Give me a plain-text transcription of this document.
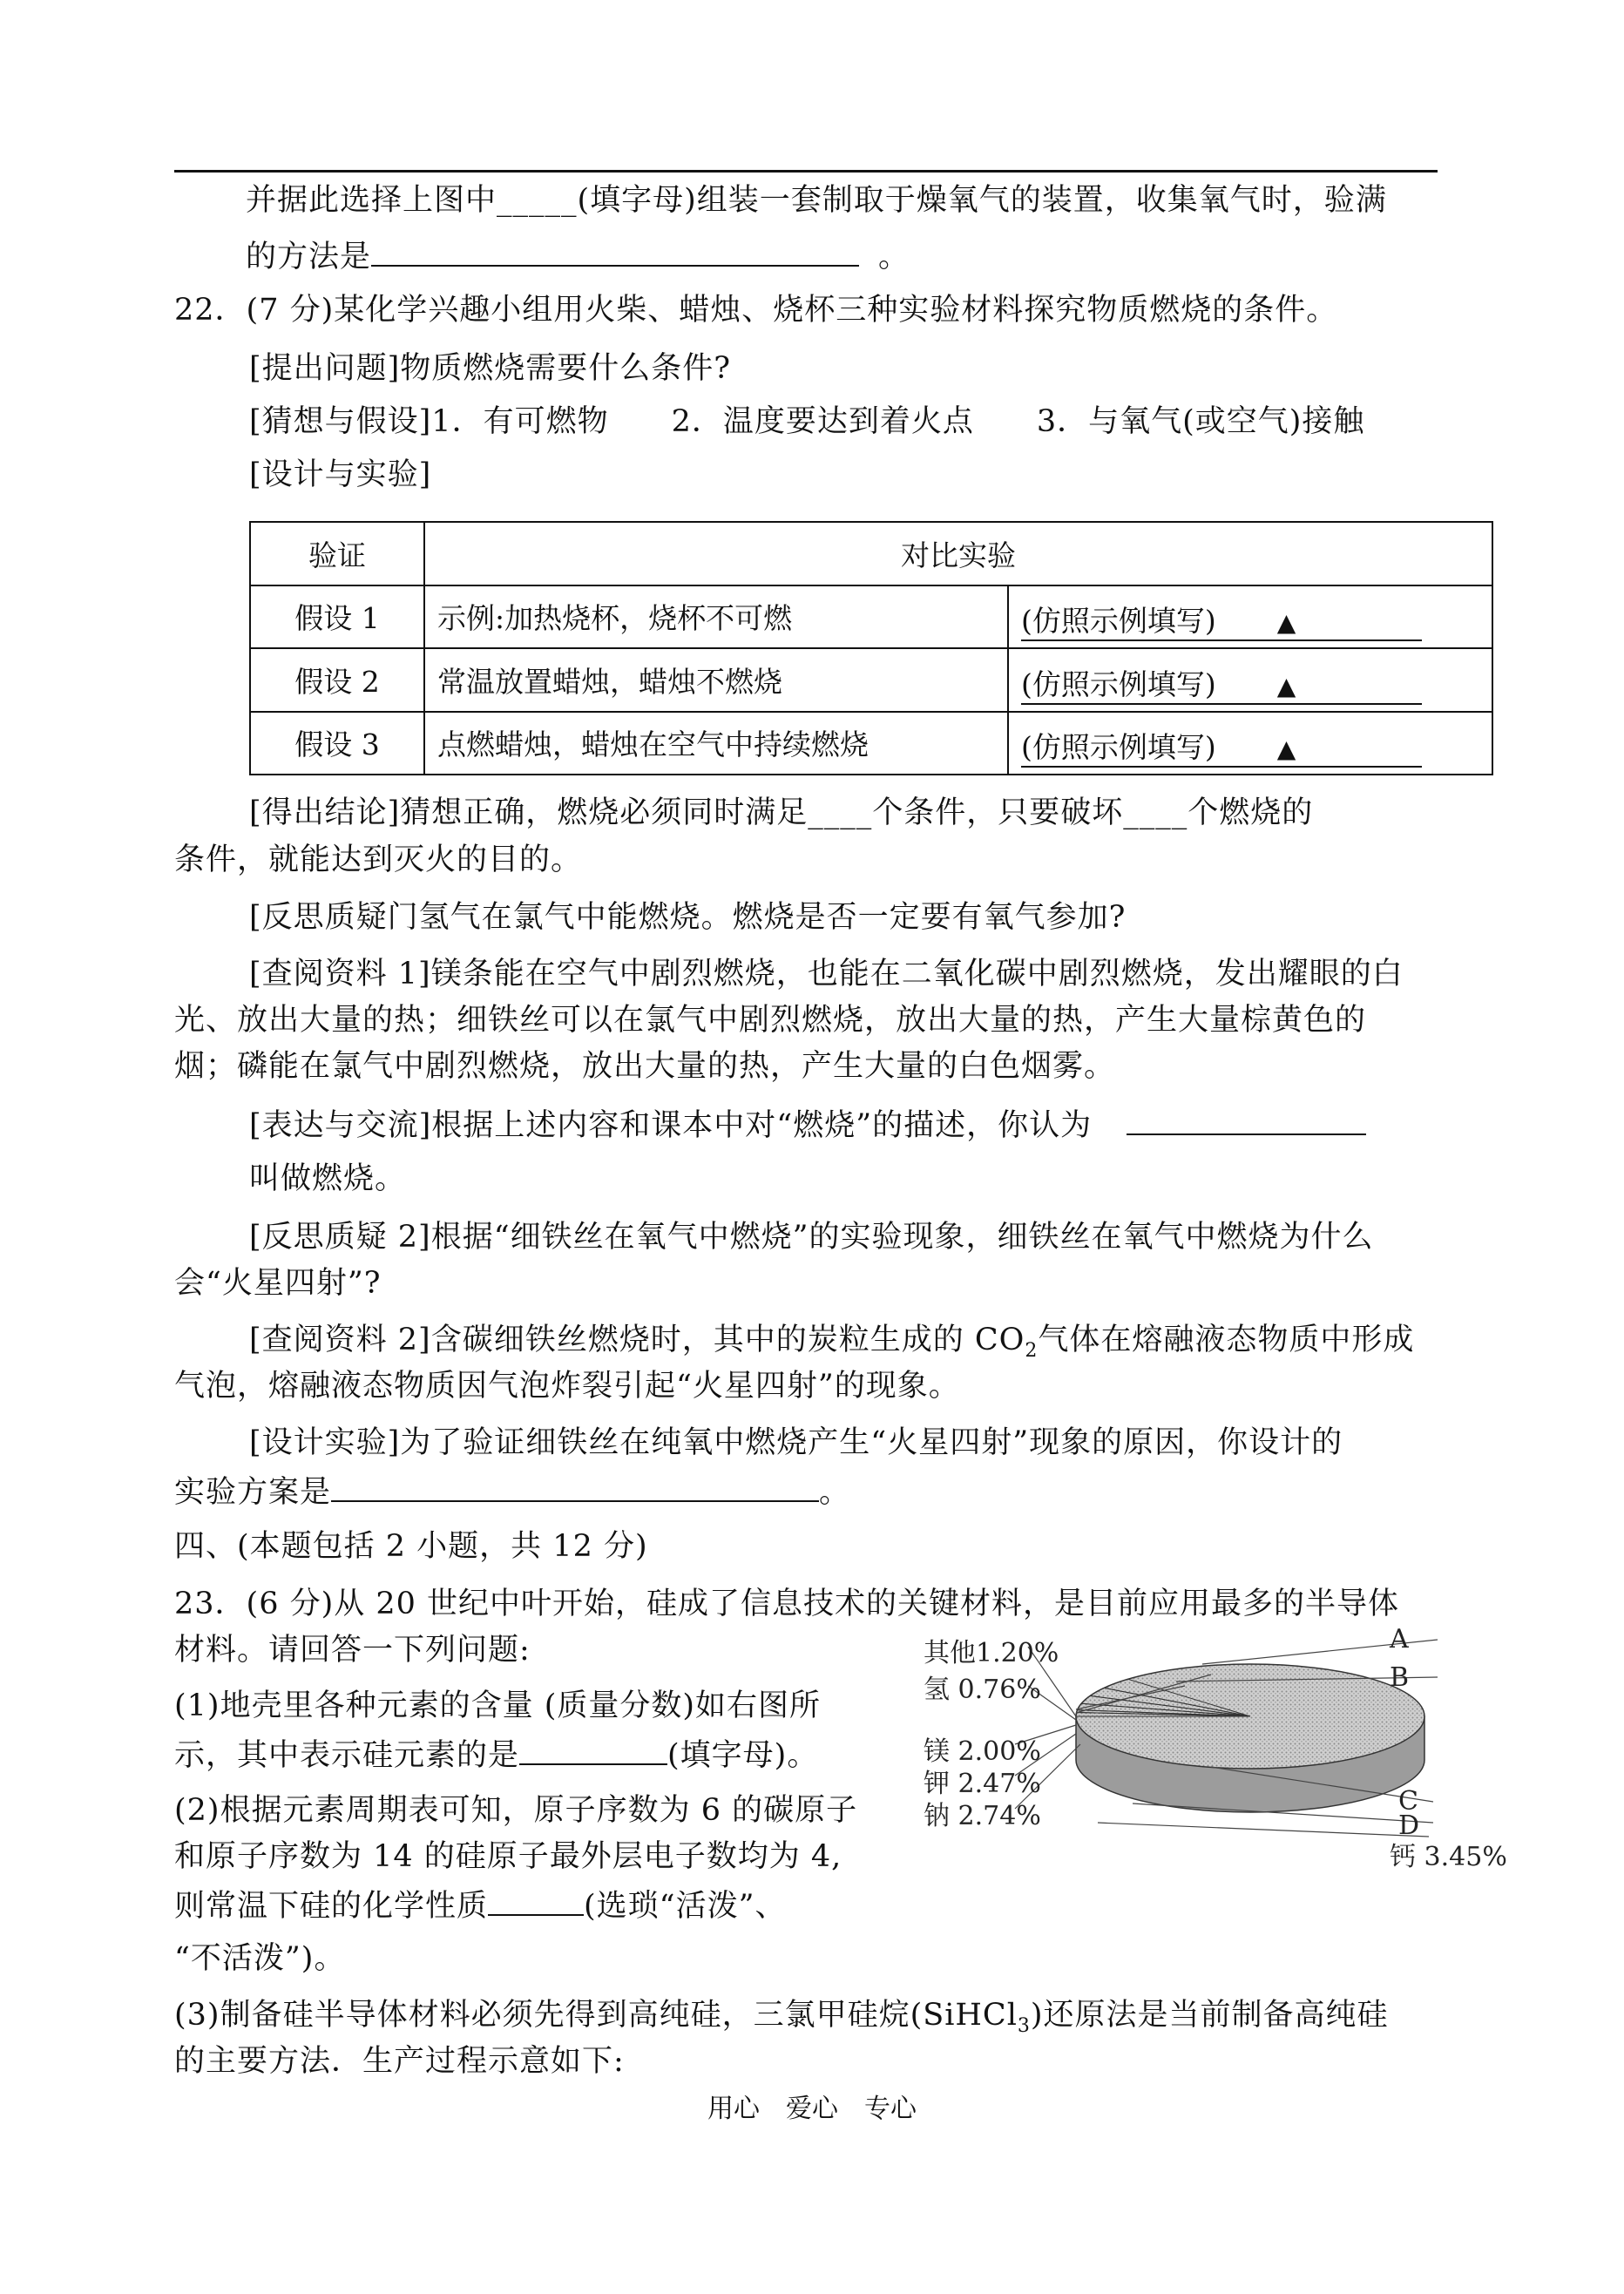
并据此选择上图中_____(填字母)组装一套制取于燥氧气的装置，收集氧气时，验满
的方法是	。
22．(7 分)某化学兴趣小组用火柴、蜡烛、烧杯三种实验材料探究物质燃烧的条件。
[提出问题]物质燃烧需要什么条件?
[猜想与假设]1．有可燃物　　2．温度要达到着火点　　3．与氧气(或空气)接触
[设计与实验]
验证	对比实验	
假设 1	示例:加热烧杯，烧杯不可燃	(仿照示例填写) ▲
假设 2	常温放置蜡烛，蜡烛不燃烧	(仿照示例填写) ▲
假设 3	点燃蜡烛，蜡烛在空气中持续燃烧	(仿照示例填写) ▲
[得出结论]猜想正确，燃烧必须同时满足____个条件，只要破坏____个燃烧的
条件，就能达到灭火的目的。
[反思质疑门氢气在氯气中能燃烧。燃烧是否一定要有氧气参加?
[查阅资料 1]镁条能在空气中剧烈燃烧，也能在二氧化碳中剧烈燃烧，发出耀眼的白
光、放出大量的热；细铁丝可以在氯气中剧烈燃烧，放出大量的热，产生大量棕黄色的
烟；磷能在氯气中剧烈燃烧，放出大量的热，产生大量的白色烟雾。
[表达与交流]根据上述内容和课本中对“燃烧”的描述，你认为
叫做燃烧。
[反思质疑 2]根据“细铁丝在氧气中燃烧”的实验现象，细铁丝在氧气中燃烧为什么
会“火星四射”?
[查阅资料 2]含碳细铁丝燃烧时，其中的炭粒生成的 $CO_2$气体在熔融液态物质中形成
气泡，熔融液态物质因气泡炸裂引起“火星四射”的现象。
[设计实验]为了验证细铁丝在纯氧中燃烧产生“火星四射”现象的原因，你设计的
实验方案是	。
四、(本题包括 2 小题，共 12 分)
23．(6 分)从 20 世纪中叶开始，硅成了信息技术的关键材料，是目前应用最多的半导体
材料。请回答一下列问题:
(1)地壳里各种元素的含量 (质量分数)如右图所
示，其中表示硅元素的是	(填字母)。
(2)根据元素周期表可知，原子序数为 6 的碳原子
和原子序数为 14 的硅原子最外层电子数均为 4,
则常温下硅的化学性质	(选琐“活泼”、
“不活泼”)。
(3)制备硅半导体材料必须先得到高纯硅，三氯甲硅烷(SiHCl$_3$)还原法是当前制备高纯硅
的主要方法．生产过程示意如下:
其他1.20%
氢 0.76%
镁 2.00%
钾 2.47%
钠 2.74%
钙 3.45%
A
B
C
D
用心　爱心　专心
